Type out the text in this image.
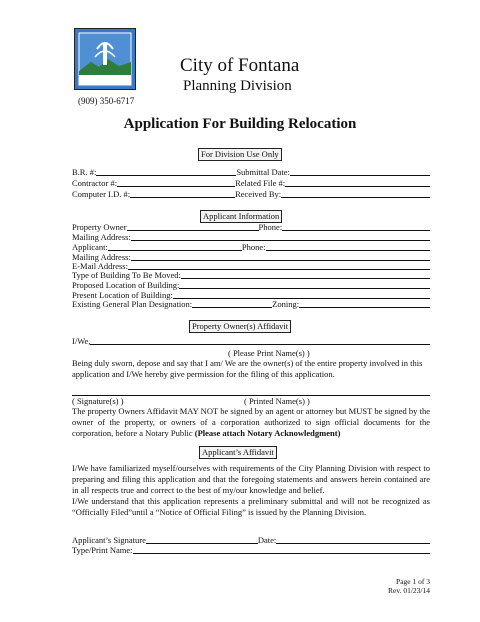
City of Fontana
Planning Division
(909) 350-6717
Application For Building Relocation
For Division Use Only
B.R. #:	Submittal Date:
Contractor #:	Related File #:
Computer I.D. #:	Received By:
Applicant Information
Property Owner	Phone:
Mailing Address:
Applicant:	Phone:
Mailing Address:
E-Mail Address:
Type of Building To Be Moved:
Proposed Location of Building:
Present Location of Building:
Existing General Plan Designation:	Zoning:
Property Owner(s) Affidavit
I/We,
( Please Print Name(s) )
Being duly sworn, depose and say that I am/ We are the owner(s) of the entire property involved in this application and I/We hereby give permission for the filing of this application.
( Signature(s) )	( Printed Name(s) )
The property Owners Affidavit MAY NOT be signed by an agent or attorney but MUST be signed by the owner of the property, or owners of a corporation authorized to sign official documents for the corporation, before a Notary Public (Please attach Notary Acknowledgment)
Applicant’s Affidavit
I/We have familiarized myself/ourselves with requirements of the City Planning Division with respect to preparing and filing this application and that the foregoing statements and answers herein contained are in all respects true and correct to the best of my/our knowledge and belief.
I/We understand that this application represents a preliminary submittal and will not be recognized as “Officially Filed”until a “Notice of Official Filing” is issued by the Planning Division.
Applicant’s Signature	Date:
Type/Print Name:
Page 1 of 3
Rev. 01/23/14
